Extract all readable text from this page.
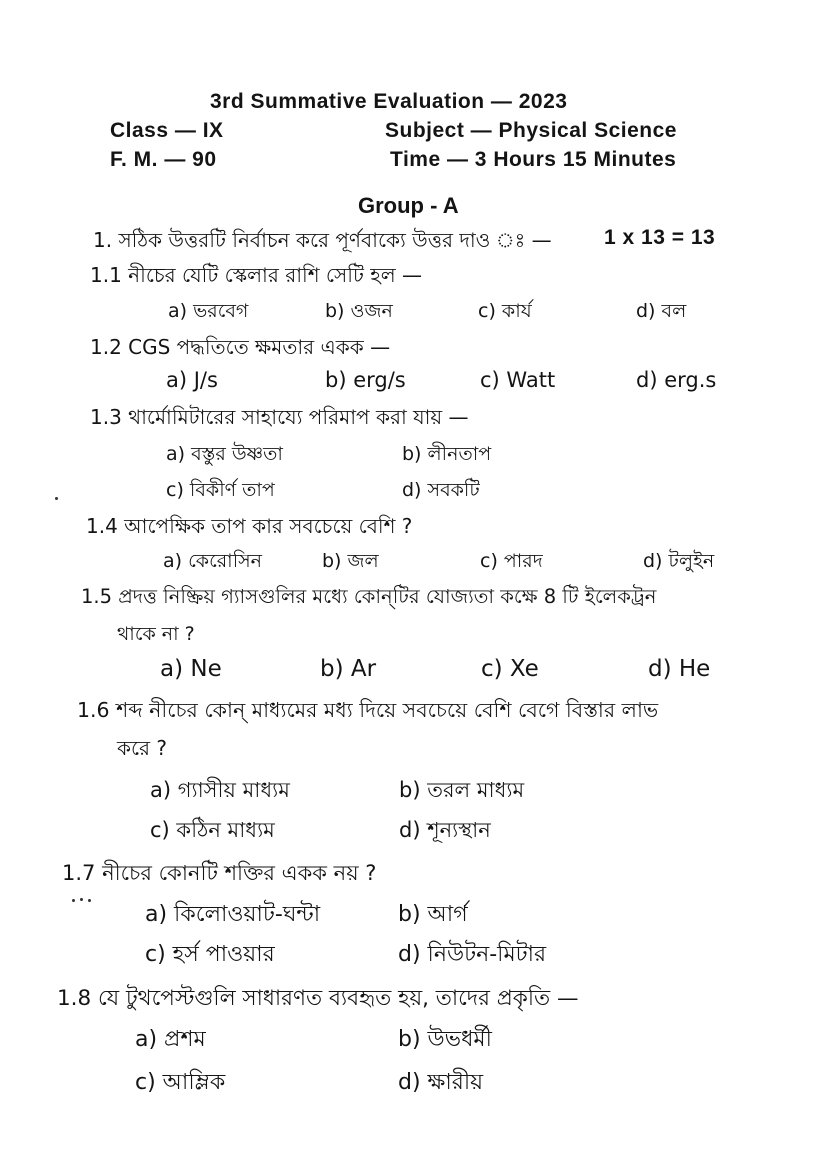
3rd Summative Evaluation — 2023
Class — IX	Subject — Physical Science
F. M. — 90	Time — 3 Hours 15 Minutes
Group - A
1. সঠিক উত্তরটি নির্বাচন করে পূর্ণবাক্যে উত্তর দাও ঃ — 1 x 13 = 13
1.1 নীচের যেটি স্কেলার রাশি সেটি হল —
a) ভরবেগ	b) ওজন	c) কার্য	d) বল
1.2 CGS পদ্ধতিতে ক্ষমতার একক —
a) J/s	b) erg/s	c) Watt	d) erg.s
1.3 থার্মোমিটারের সাহায্যে পরিমাপ করা যায় —
a) বস্তুর উষ্ণতা	b) লীনতাপ
c) বিকীর্ণ তাপ	d) সবকটি
1.4 আপেক্ষিক তাপ কার সবচেয়ে বেশি ?
a) কেরোসিন	b) জল	c) পারদ	d) টলুইন
1.5 প্রদত্ত নিষ্ক্রিয় গ্যাসগুলির মধ্যে কোন্‌টির যোজ্যতা কক্ষে 8 টি ইলেকট্রন
থাকে না ?
a) Ne	b) Ar	c) Xe	d) He
1.6 শব্দ নীচের কোন্‌ মাধ্যমের মধ্য দিয়ে সবচেয়ে বেশি বেগে বিস্তার লাভ
করে ?
a) গ্যাসীয় মাধ্যম	b) তরল মাধ্যম
c) কঠিন মাধ্যম	d) শূন্যস্থান
1.7 নীচের কোনটি শক্তির একক নয় ?
a) কিলোওয়াট-ঘন্টা	b) আর্গ
c) হর্স পাওয়ার	d) নিউটন-মিটার
1.8 যে টুথপেস্টগুলি সাধারণত ব্যবহৃত হয়, তাদের প্রকৃতি —
a) প্রশম	b) উভধর্মী
c) আম্লিক	d) ক্ষারীয়
